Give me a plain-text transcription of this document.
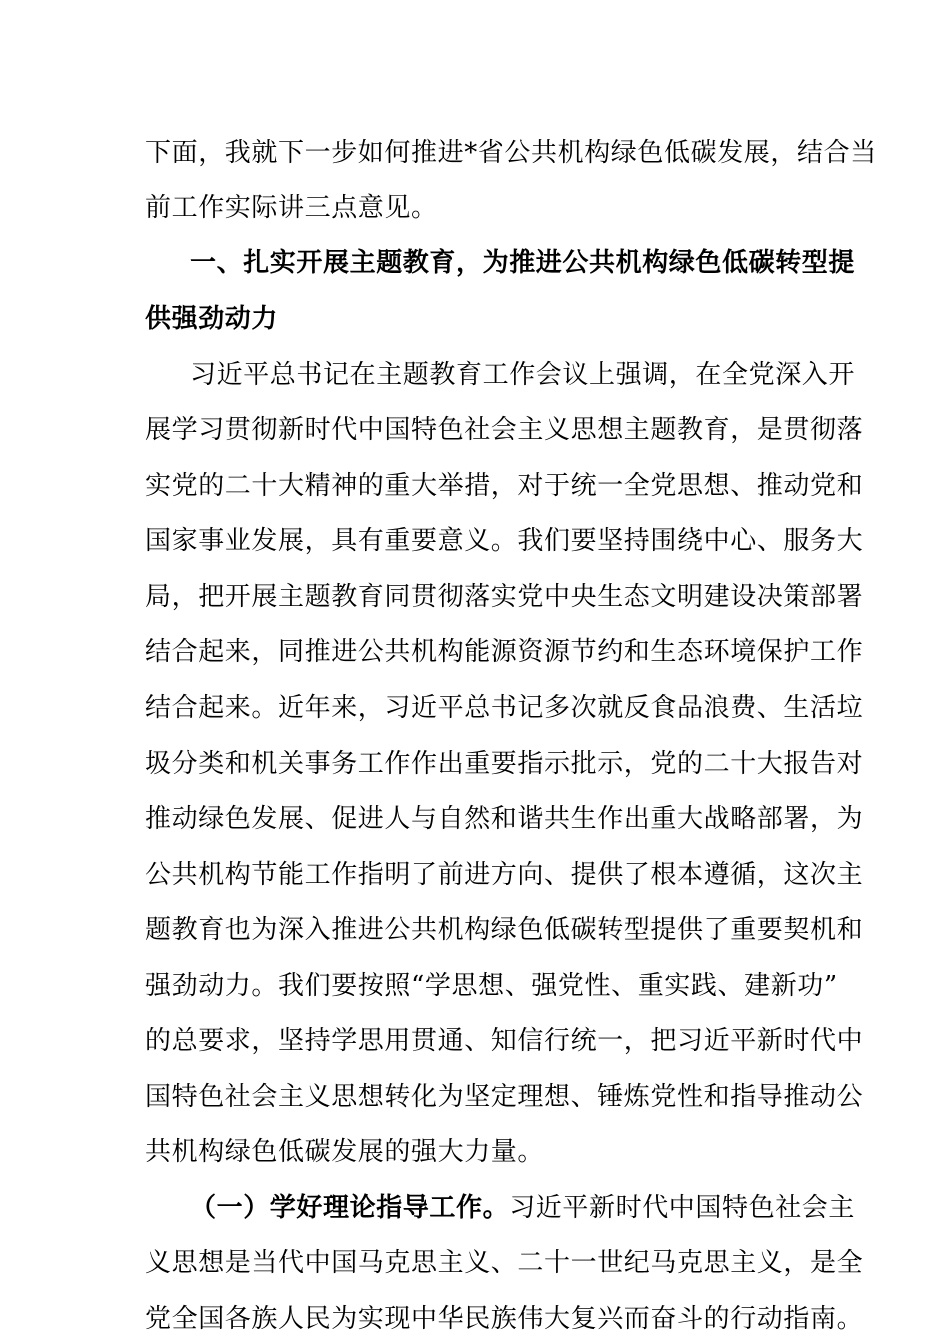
下面，我就下一步如何推进*省公共机构绿色低碳发展，结合当
前工作实际讲三点意见。
一、扎实开展主题教育，为推进公共机构绿色低碳转型提
供强劲动力
习近平总书记在主题教育工作会议上强调，在全党深入开
展学习贯彻新时代中国特色社会主义思想主题教育，是贯彻落
实党的二十大精神的重大举措，对于统一全党思想、推动党和
国家事业发展，具有重要意义。我们要坚持围绕中心、服务大
局，把开展主题教育同贯彻落实党中央生态文明建设决策部署
结合起来，同推进公共机构能源资源节约和生态环境保护工作
结合起来。近年来，习近平总书记多次就反食品浪费、生活垃
圾分类和机关事务工作作出重要指示批示，党的二十大报告对
推动绿色发展、促进人与自然和谐共生作出重大战略部署，为
公共机构节能工作指明了前进方向、提供了根本遵循，这次主
题教育也为深入推进公共机构绿色低碳转型提供了重要契机和
强劲动力。我们要按照“学思想、强党性、重实践、建新功”
的总要求，坚持学思用贯通、知信行统一，把习近平新时代中
国特色社会主义思想转化为坚定理想、锤炼党性和指导推动公
共机构绿色低碳发展的强大力量。
（一）学好理论指导工作。习近平新时代中国特色社会主
义思想是当代中国马克思主义、二十一世纪马克思主义，是全
党全国各族人民为实现中华民族伟大复兴而奋斗的行动指南。
